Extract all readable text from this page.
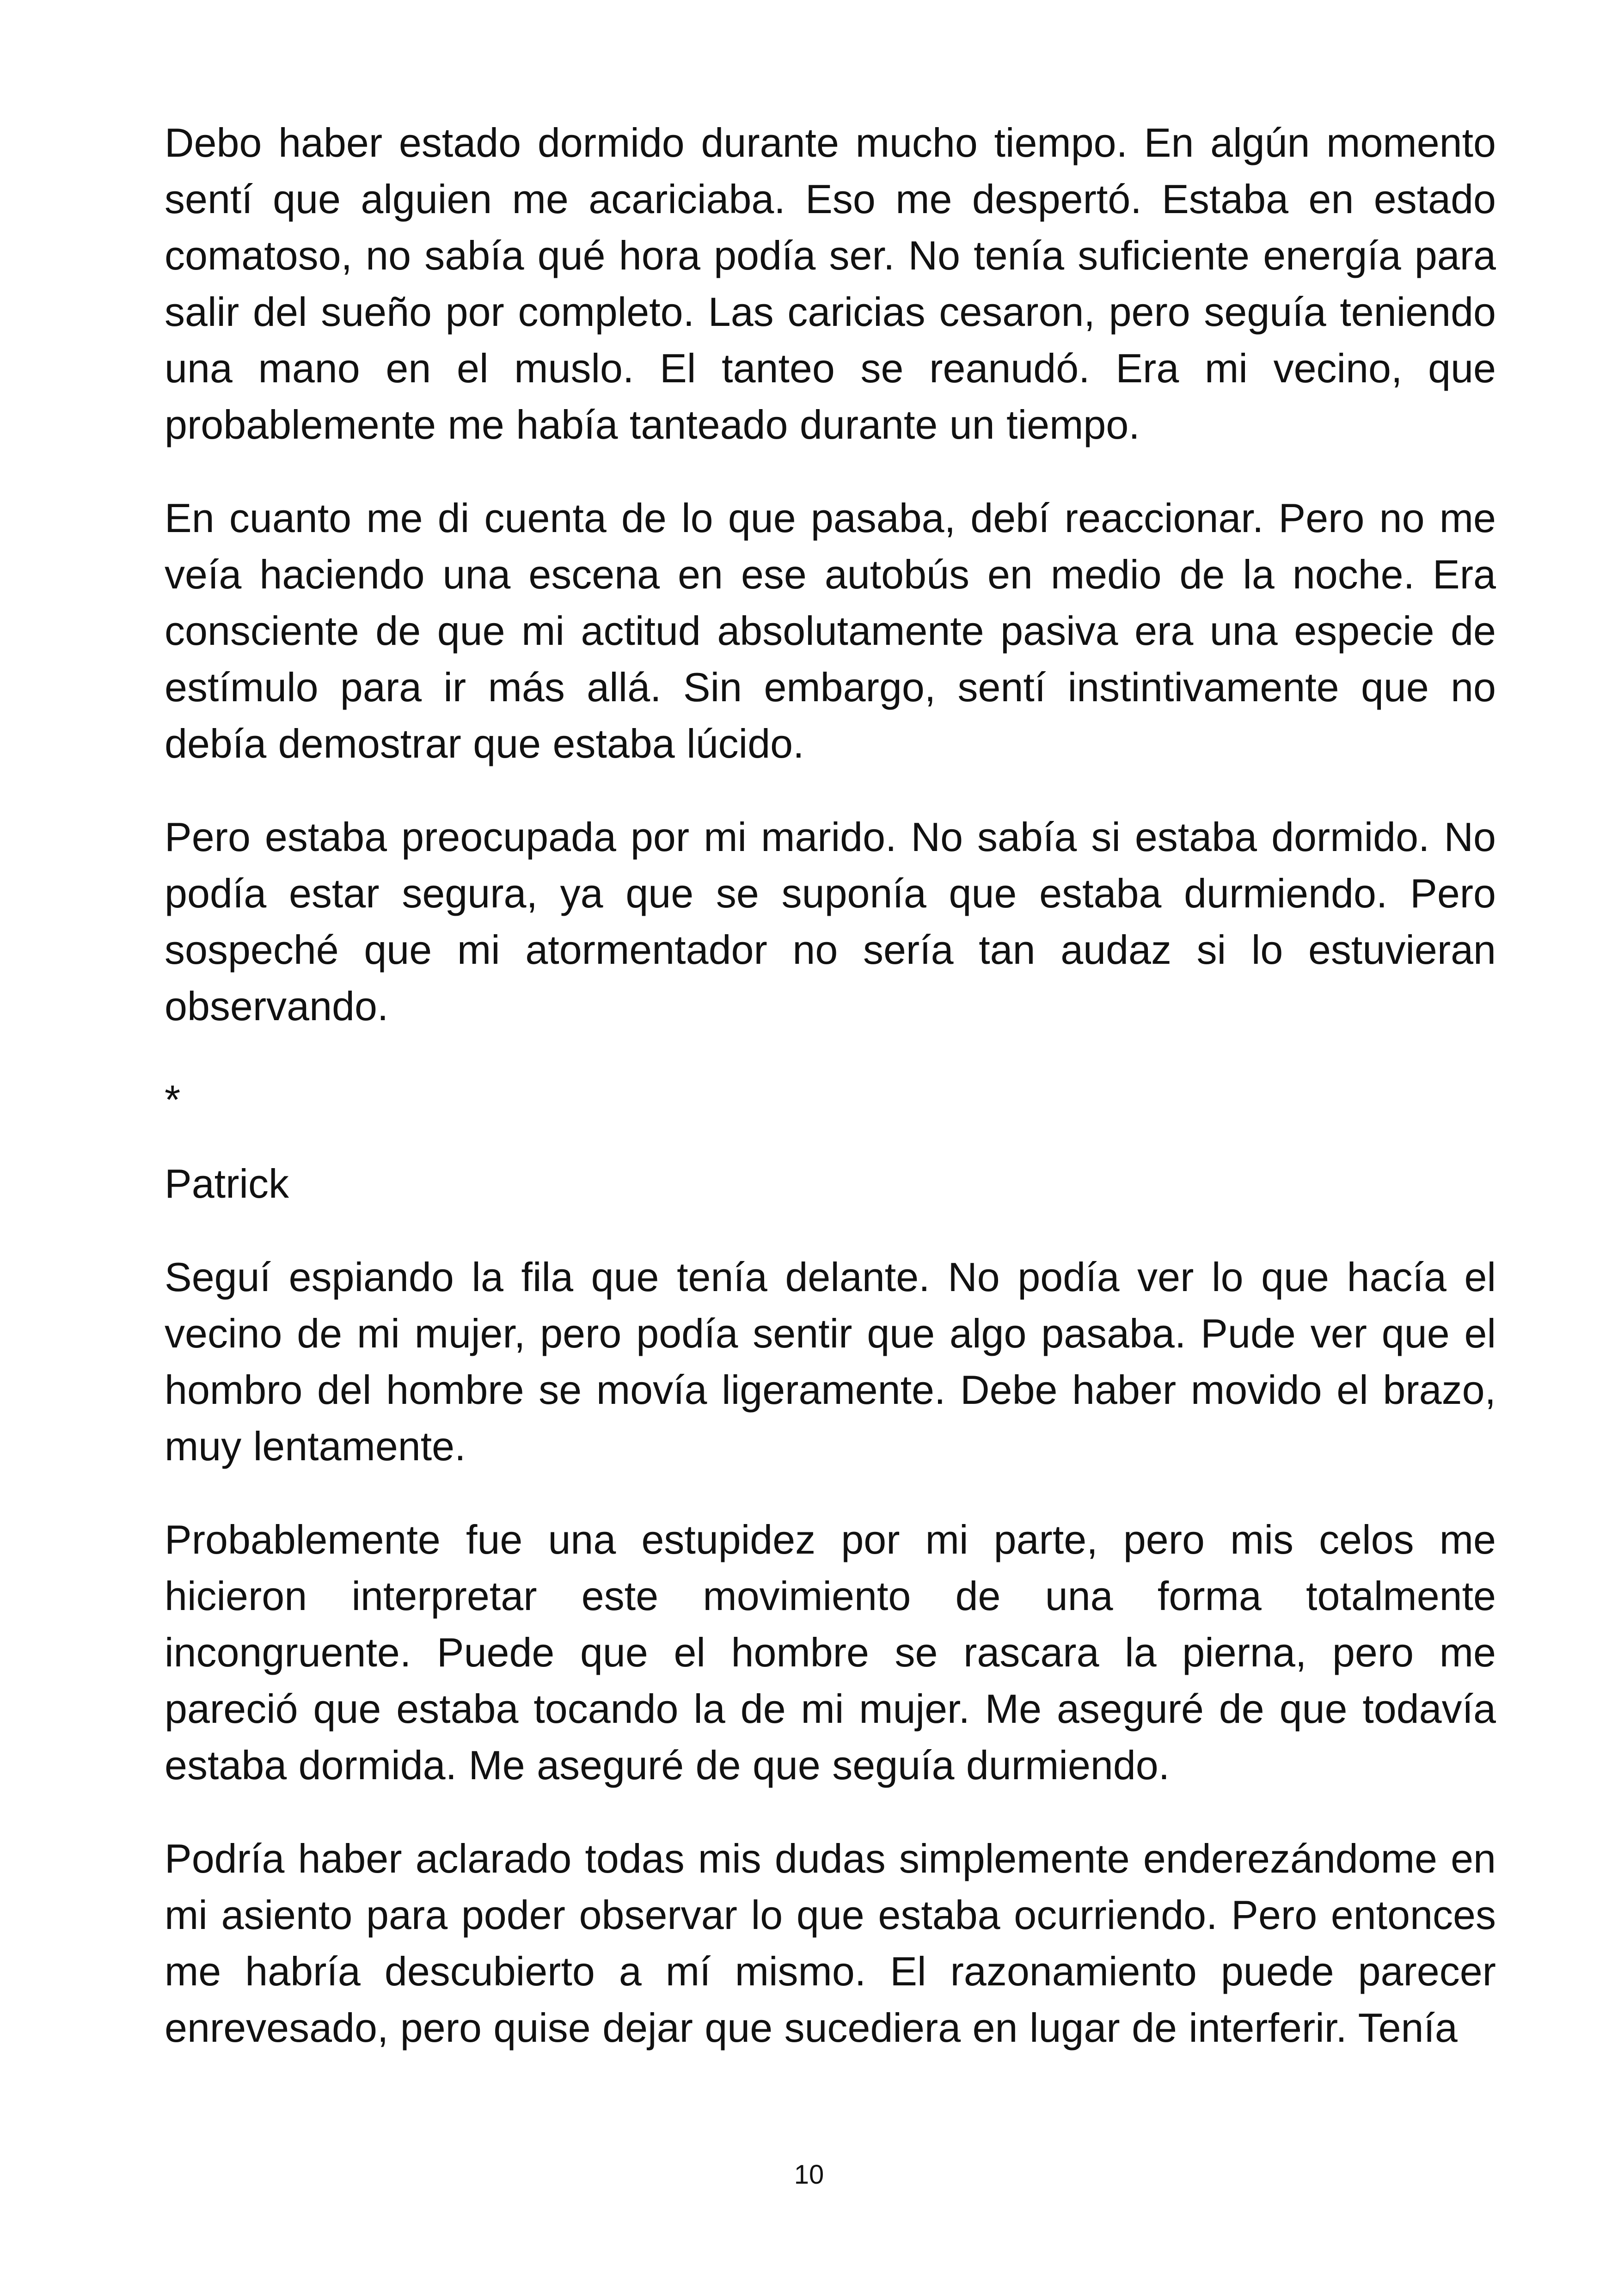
Debo haber estado dormido durante mucho tiempo. En algún momento sentí que alguien me acariciaba. Eso me despertó. Estaba en estado comatoso, no sabía qué hora podía ser. No tenía suficiente energía para salir del sueño por completo. Las caricias cesaron, pero seguía teniendo una mano en el muslo. El tanteo se reanudó. Era mi vecino, que probablemente me había tanteado durante un tiempo.

En cuanto me di cuenta de lo que pasaba, debí reaccionar. Pero no me veía haciendo una escena en ese autobús en medio de la noche. Era consciente de que mi actitud absolutamente pasiva era una especie de estímulo para ir más allá. Sin embargo, sentí instintivamente que no debía demostrar que estaba lúcido.

Pero estaba preocupada por mi marido. No sabía si estaba dormido. No podía estar segura, ya que se suponía que estaba durmiendo. Pero sospeché que mi atormentador no sería tan audaz si lo estuvieran observando.

*
Patrick

Seguí espiando la fila que tenía delante. No podía ver lo que hacía el vecino de mi mujer, pero podía sentir que algo pasaba. Pude ver que el hombro del hombre se movía ligeramente. Debe haber movido el brazo, muy lentamente.

Probablemente fue una estupidez por mi parte, pero mis celos me hicieron interpretar este movimiento de una forma totalmente incongruente. Puede que el hombre se rascara la pierna, pero me pareció que estaba tocando la de mi mujer. Me aseguré de que todavía estaba dormida. Me aseguré de que seguía durmiendo.

Podría haber aclarado todas mis dudas simplemente enderezándome en mi asiento para poder observar lo que estaba ocurriendo. Pero entonces me habría descubierto a mí mismo. El razonamiento puede parecer enrevesado, pero quise dejar que sucediera en lugar de interferir. Tenía

10
